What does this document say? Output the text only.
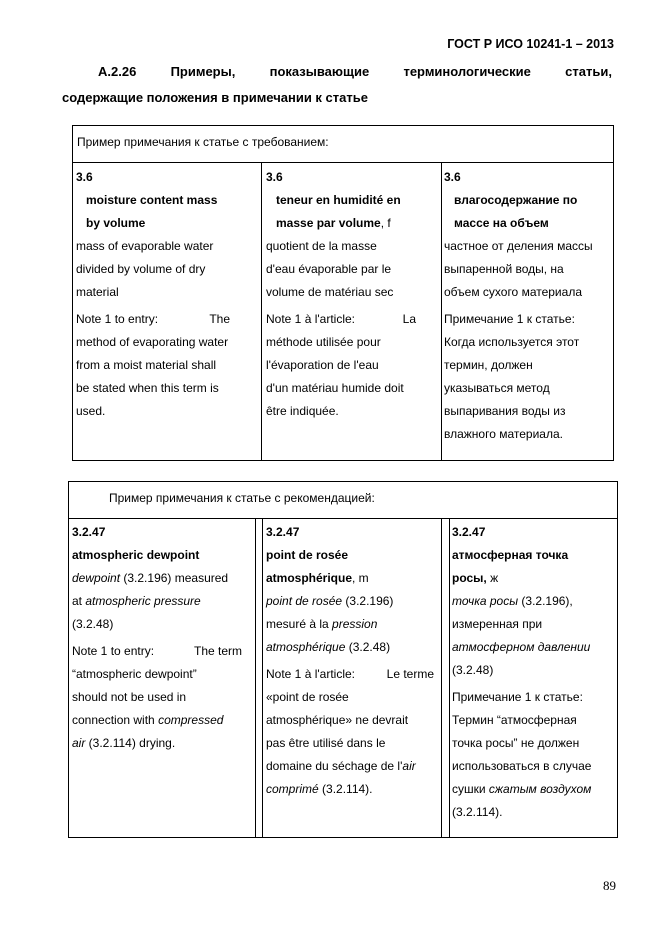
ГОСТ Р ИСО 10241-1 – 2013
A.2.26	Примеры,	показывающие	терминологические	статьи,
содержащие положения в примечании к статье
Пример примечания к статье с требованием:
3.6
moisture content mass
by volume
mass of evaporable water
divided by volume of dry
material
Note 1 to entry:	The
method of evaporating water
from a moist material shall
be stated when this term is
used.
3.6
teneur en humidité en
masse par volume, f
quotient de la masse
d'eau évaporable par le
volume de matériau sec
Note 1 à l'article:	La
méthode utilisée pour
l'évaporation de l'eau
d'un matériau humide doit
être indiquée.
3.6
влагосодержание по
массе на объем
частное от деления массы
выпаренной воды, на
объем сухого материала
Примечание 1 к статье:
Когда используется этот
термин, должен
указываться метод
выпаривания воды из
влажного материала.
Пример примечания к статье с рекомендацией:
3.2.47
atmospheric dewpoint
dewpoint (3.2.196) measured
at atmospheric pressure
(3.2.48)
Note 1 to entry:	The term
“atmospheric dewpoint”
should not be used in
connection with compressed
air (3.2.114) drying.
3.2.47
point de rosée
atmosphérique, m
point de rosée (3.2.196)
mesuré à la pression
atmosphérique (3.2.48)
Note 1 à l'article:	Le terme
«point de rosée
atmosphérique» ne devrait
pas être utilisé dans le
domaine du séchage de l'air
comprimé (3.2.114).
3.2.47
атмосферная точка
росы, ж
точка росы (3.2.196),
измеренная при
атмосферном давлении
(3.2.48)
Примечание 1 к статье:
Термин “атмосферная
точка росы” не должен
использоваться в случае
сушки сжатым воздухом
(3.2.114).
89
